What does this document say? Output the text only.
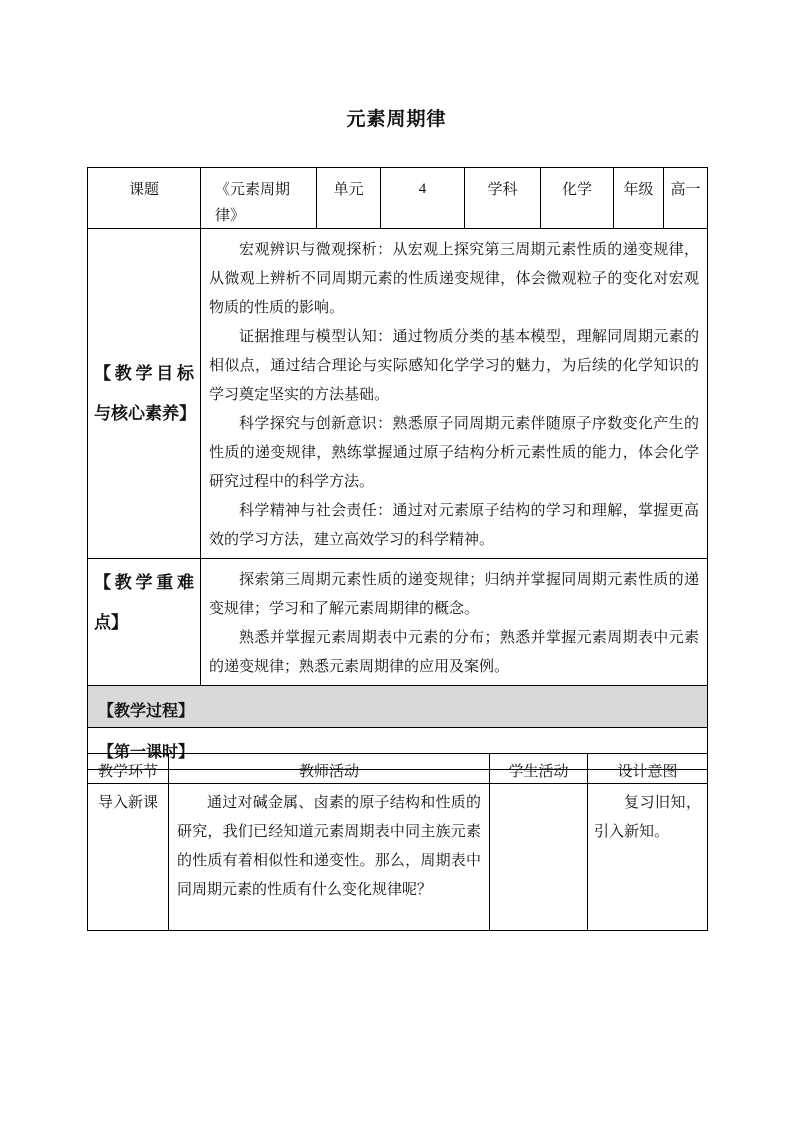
元素周期律
课题	《元素周期律》	单元	4	学科	化学	年级	高一
【教学目标与核心素养】	宏观辨识与微观探析：从宏观上探究第三周期元素性质的递变规律，从微观上辨析不同周期元素的性质递变规律，体会微观粒子的变化对宏观物质的性质的影响。

证据推理与模型认知：通过物质分类的基本模型，理解同周期元素的相似点，通过结合理论与实际感知化学学习的魅力，为后续的化学知识的学习奠定坚实的方法基础。

科学探究与创新意识：熟悉原子同周期元素伴随原子序数变化产生的性质的递变规律，熟练掌握通过原子结构分析元素性质的能力，体会化学研究过程中的科学方法。

科学精神与社会责任：通过对元素原子结构的学习和理解，掌握更高效的学习方法，建立高效学习的科学精神。						

【教学重难点】	探索第三周期元素性质的递变规律；归纳并掌握同周期元素性质的递变规律；学习和了解元素周期律的概念。

熟悉并掌握元素周期表中元素的分布；熟悉并掌握元素周期表中元素的递变规律；熟悉元素周期律的应用及案例。						

【教学过程】							
【第一课时】							
教学环节	教师活动	学生活动	设计意图
导入新课	通过对碱金属、卤素的原子结构和性质的研究，我们已经知道元素周期表中同主族元素的性质有着相似性和递变性。那么，周期表中同周期元素的性质有什么变化规律呢？		复习旧知，引入新知。
